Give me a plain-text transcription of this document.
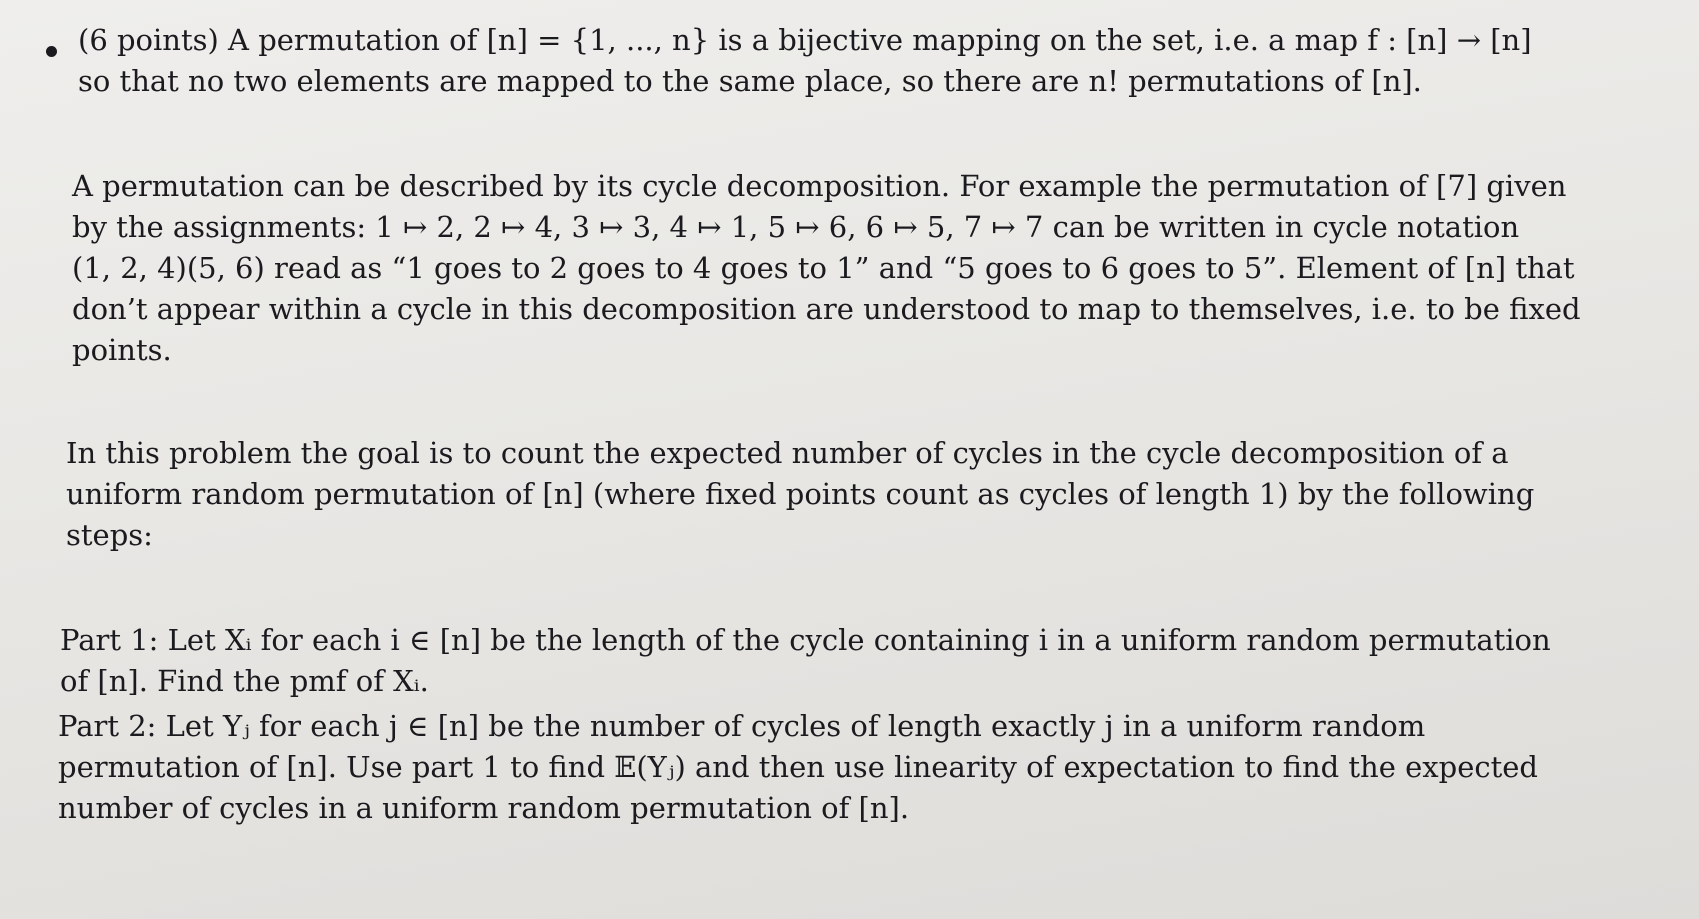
(6 points) A permutation of [n] = {1, ..., n} is a bijective mapping on the set, i.e. a map f : [n] → [n]
so that no two elements are mapped to the same place, so there are n! permutations of [n].

A permutation can be described by its cycle decomposition. For example the permutation of [7] given
by the assignments: 1 ↦ 2, 2 ↦ 4, 3 ↦ 3, 4 ↦ 1, 5 ↦ 6, 6 ↦ 5, 7 ↦ 7 can be written in cycle notation
(1, 2, 4)(5, 6) read as “1 goes to 2 goes to 4 goes to 1” and “5 goes to 6 goes to 5”. Element of [n] that
don’t appear within a cycle in this decomposition are understood to map to themselves, i.e. to be fixed
points.

In this problem the goal is to count the expected number of cycles in the cycle decomposition of a
uniform random permutation of [n] (where fixed points count as cycles of length 1) by the following
steps:

Part 1: Let Xᵢ for each i ∈ [n] be the length of the cycle containing i in a uniform random permutation
of [n]. Find the pmf of Xᵢ.

Part 2: Let Yⱼ for each j ∈ [n] be the number of cycles of length exactly j in a uniform random
permutation of [n]. Use part 1 to find 𝔼(Yⱼ) and then use linearity of expectation to find the expected
number of cycles in a uniform random permutation of [n].
